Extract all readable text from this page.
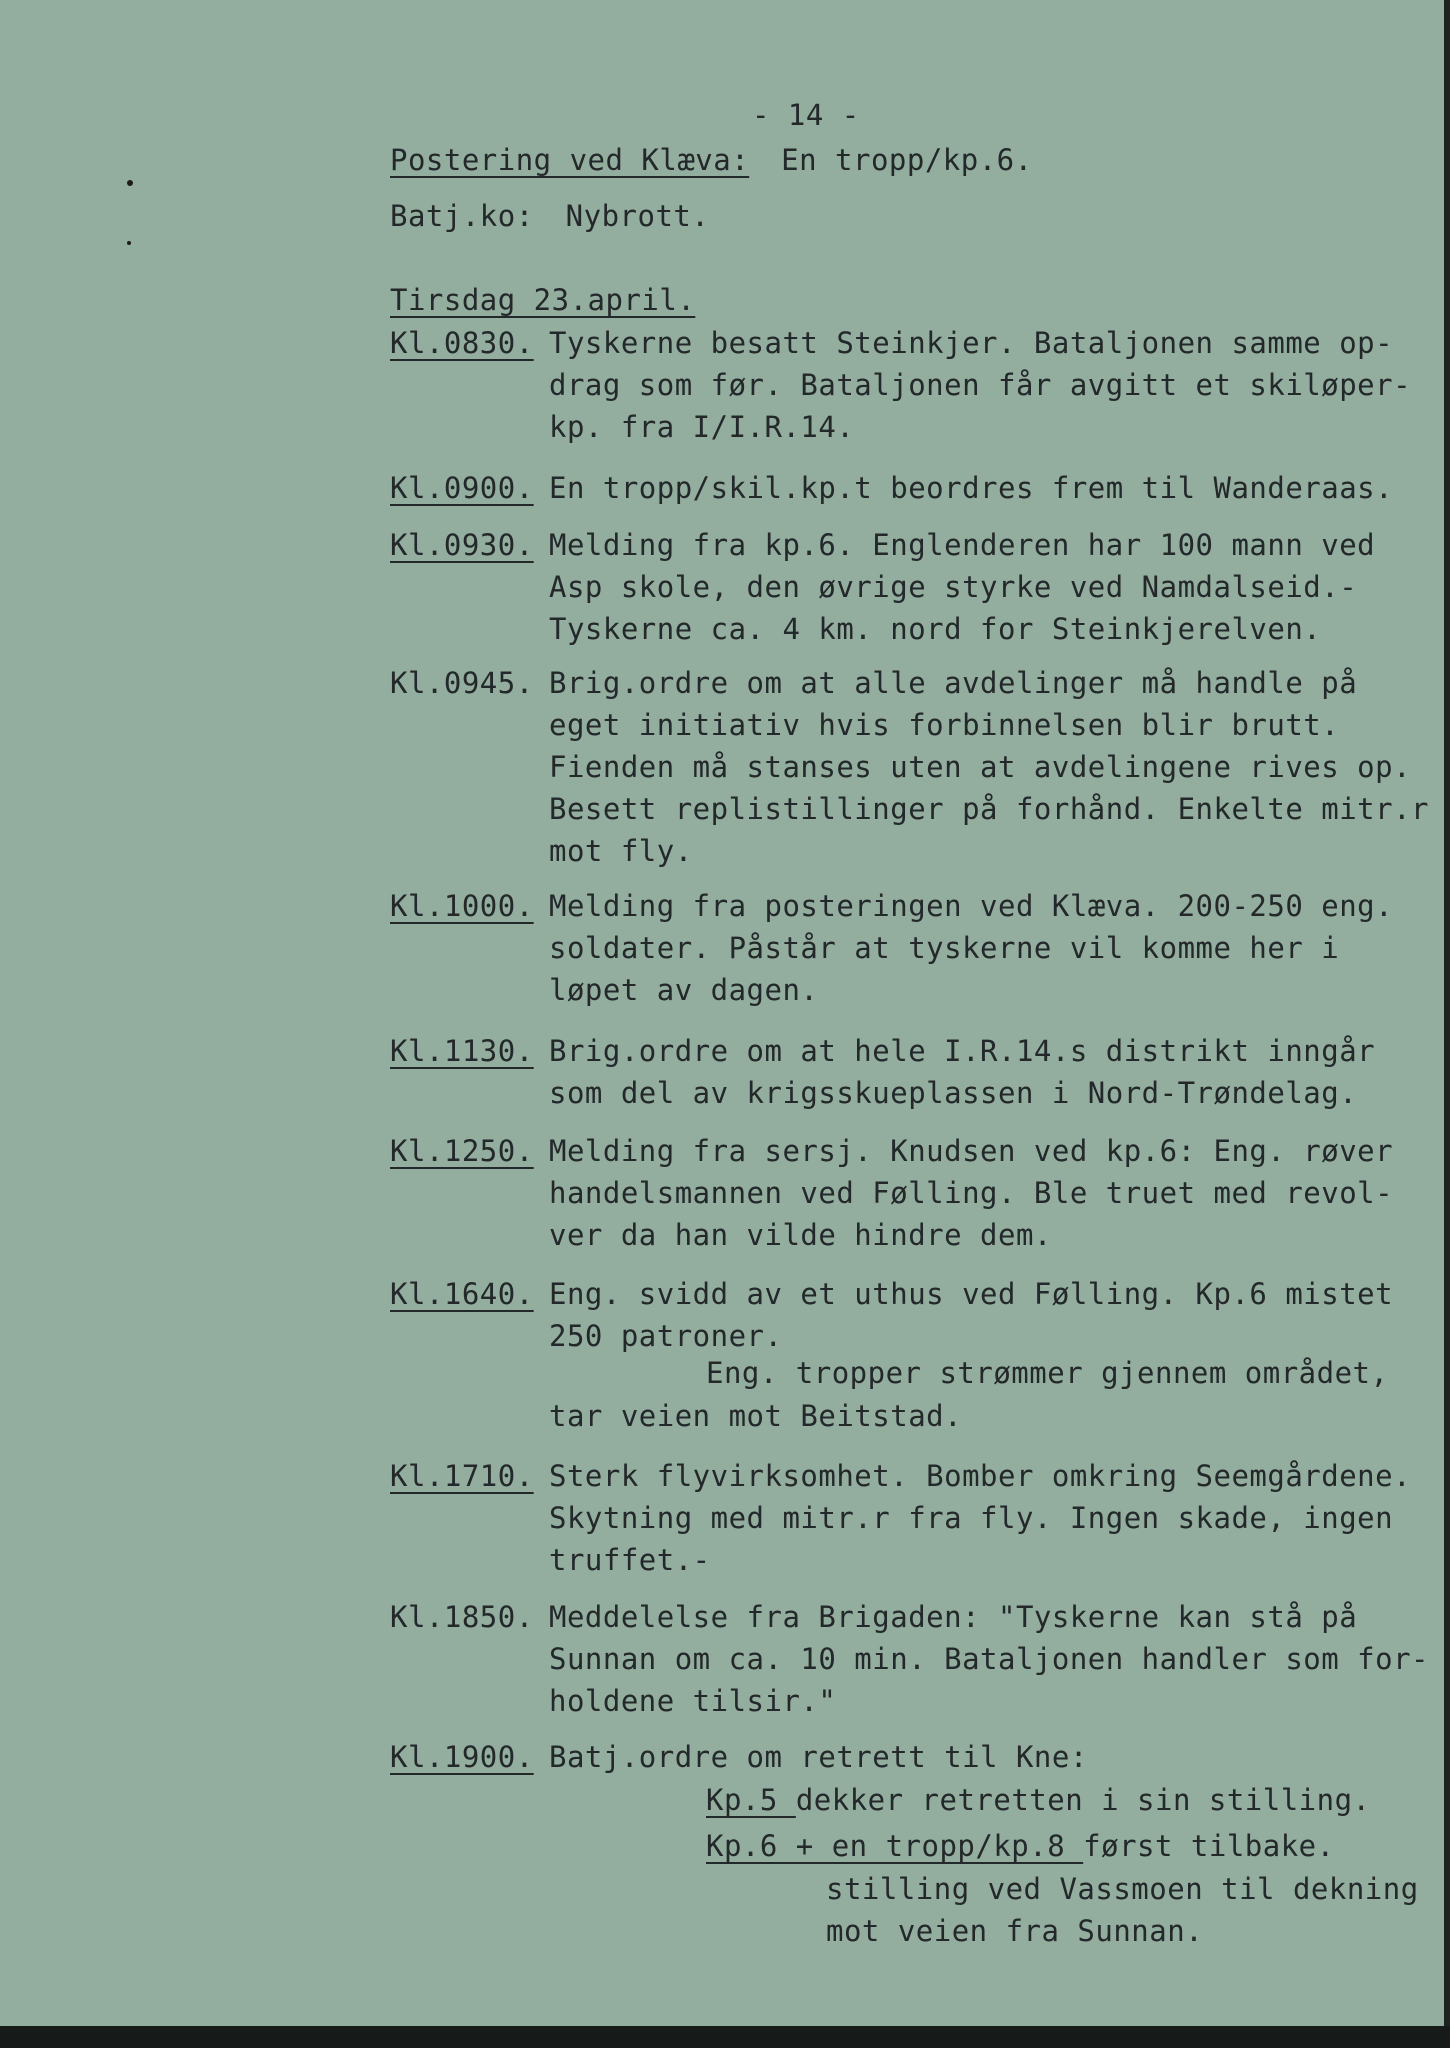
- 14 -
Postering ved Klæva: En tropp/kp.6.
Batj.ko: Nybrott.
Tirsdag 23.april.
Kl.0830. Tyskerne besatt Steinkjer. Bataljonen samme op-
drag som før. Bataljonen får avgitt et skiløper-
kp. fra I/I.R.14.
Kl.0900. En tropp/skil.kp.t beordres frem til Wanderaas.
Kl.0930. Melding fra kp.6. Englenderen har 100 mann ved
Asp skole, den øvrige styrke ved Namdalseid.-
Tyskerne ca. 4 km. nord for Steinkjerelven.
Kl.0945. Brig.ordre om at alle avdelinger må handle på
eget initiativ hvis forbinnelsen blir brutt.
Fienden må stanses uten at avdelingene rives op.
Besett replistillinger på forhånd. Enkelte mitr.r
mot fly.
Kl.1000. Melding fra posteringen ved Klæva. 200-250 eng.
soldater. Påstår at tyskerne vil komme her i
løpet av dagen.
Kl.1130. Brig.ordre om at hele I.R.14.s distrikt inngår
som del av krigsskueplassen i Nord-Trøndelag.
Kl.1250. Melding fra sersj. Knudsen ved kp.6: Eng. røver
handelsmannen ved Følling. Ble truet med revol-
ver da han vilde hindre dem.
Kl.1640. Eng. svidd av et uthus ved Følling. Kp.6 mistet
250 patroner.
Kl.1710. Sterk flyvirksomhet. Bomber omkring Seemgårdene.
Skytning med mitr.r fra fly. Ingen skade, ingen
truffet.-
Kl.1850. Meddelelse fra Brigaden: "Tyskerne kan stå på
Sunnan om ca. 10 min. Bataljonen handler som for-
holdene tilsir."
Kl.1900. Batj.ordre om retrett til Kne:
Eng. tropper strømmer gjennem området,
tar veien mot Beitstad.
Kp.5 dekker retretten i sin stilling.
Kp.6 + en tropp/kp.8 først tilbake.
stilling ved Vassmoen til dekning
mot veien fra Sunnan.
